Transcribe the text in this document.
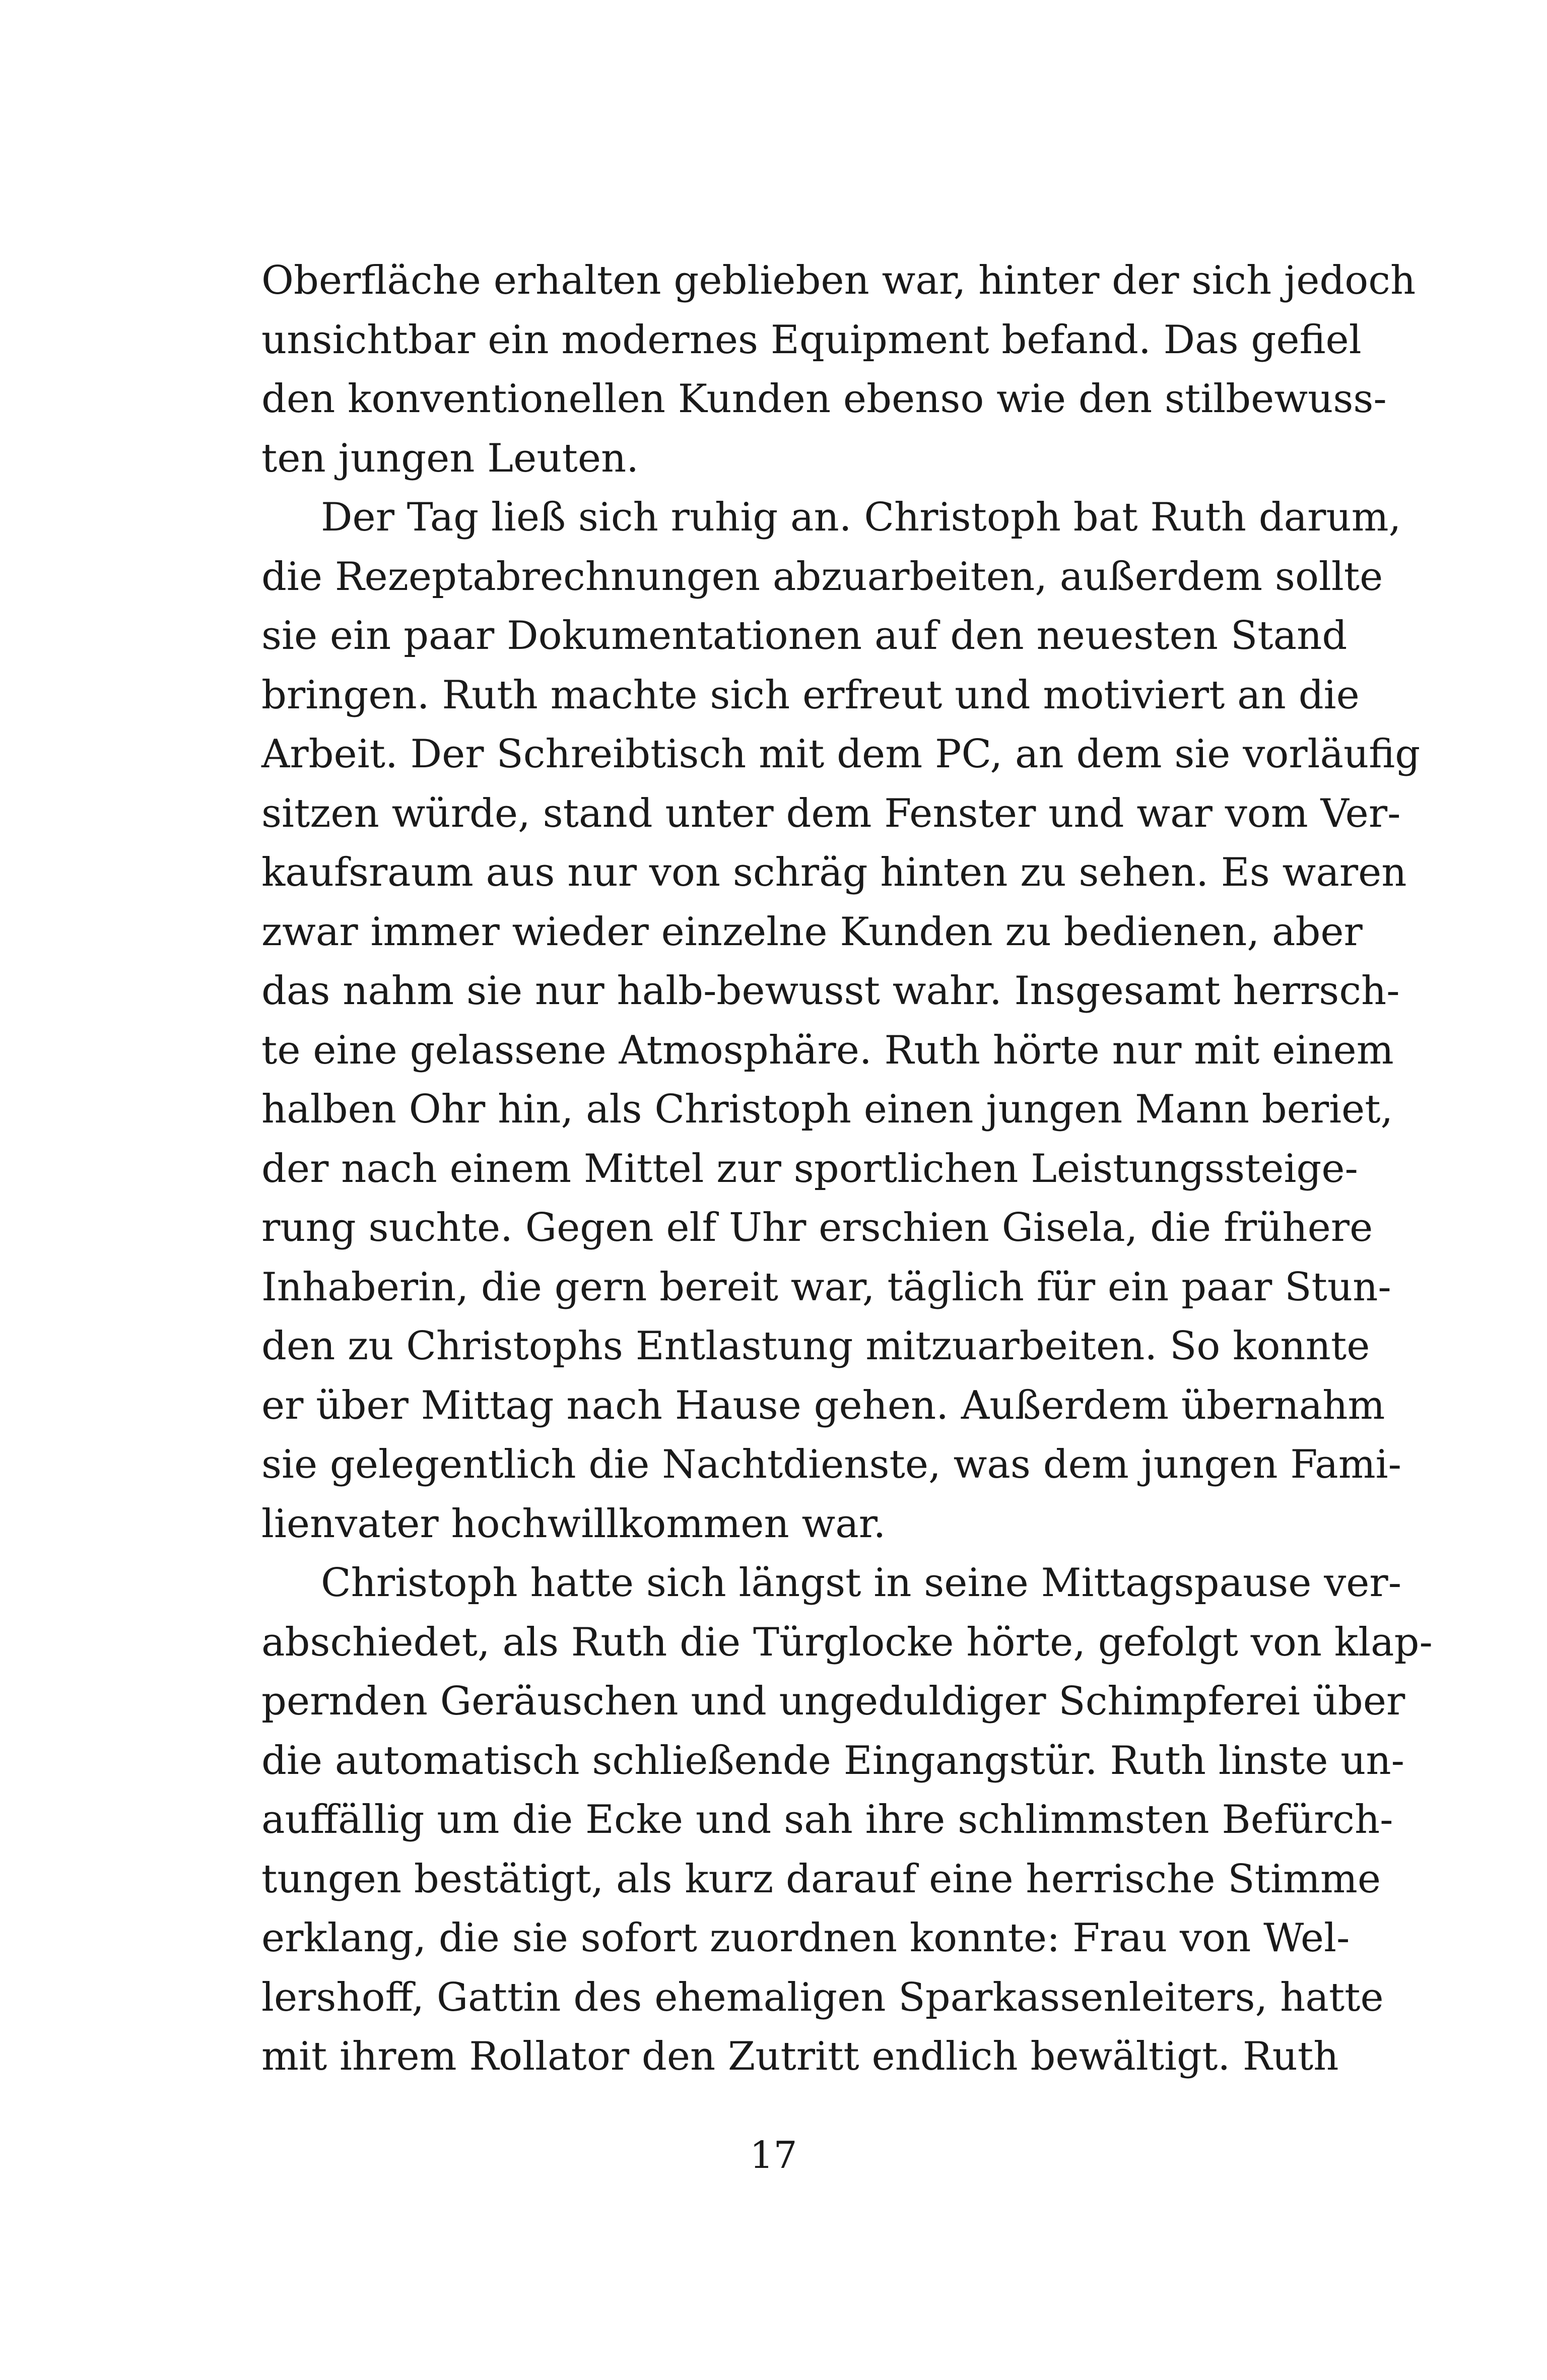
Oberfläche erhalten geblieben war, hinter der sich jedoch
unsichtbar ein modernes Equipment befand. Das gefiel
den konventionellen Kunden ebenso wie den stilbewuss-
ten jungen Leuten.
Der Tag ließ sich ruhig an. Christoph bat Ruth darum,
die Rezeptabrechnungen abzuarbeiten, außerdem sollte
sie ein paar Dokumentationen auf den neuesten Stand
bringen. Ruth machte sich erfreut und motiviert an die
Arbeit. Der Schreibtisch mit dem PC, an dem sie vorläufig
sitzen würde, stand unter dem Fenster und war vom Ver-
kaufsraum aus nur von schräg hinten zu sehen. Es waren
zwar immer wieder einzelne Kunden zu bedienen, aber
das nahm sie nur halb-bewusst wahr. Insgesamt herrsch-
te eine gelassene Atmosphäre. Ruth hörte nur mit einem
halben Ohr hin, als Christoph einen jungen Mann beriet,
der nach einem Mittel zur sportlichen Leistungssteige-
rung suchte. Gegen elf Uhr erschien Gisela, die frühere
Inhaberin, die gern bereit war, täglich für ein paar Stun-
den zu Christophs Entlastung mitzuarbeiten. So konnte
er über Mittag nach Hause gehen. Außerdem übernahm
sie gelegentlich die Nachtdienste, was dem jungen Fami-
lienvater hochwillkommen war.
Christoph hatte sich längst in seine Mittagspause ver-
abschiedet, als Ruth die Türglocke hörte, gefolgt von klap-
pernden Geräuschen und ungeduldiger Schimpferei über
die automatisch schließende Eingangstür. Ruth linste un-
auffällig um die Ecke und sah ihre schlimmsten Befürch-
tungen bestätigt, als kurz darauf eine herrische Stimme
erklang, die sie sofort zuordnen konnte: Frau von Wel-
lershoff, Gattin des ehemaligen Sparkassenleiters, hatte
mit ihrem Rollator den Zutritt endlich bewältigt. Ruth
17
